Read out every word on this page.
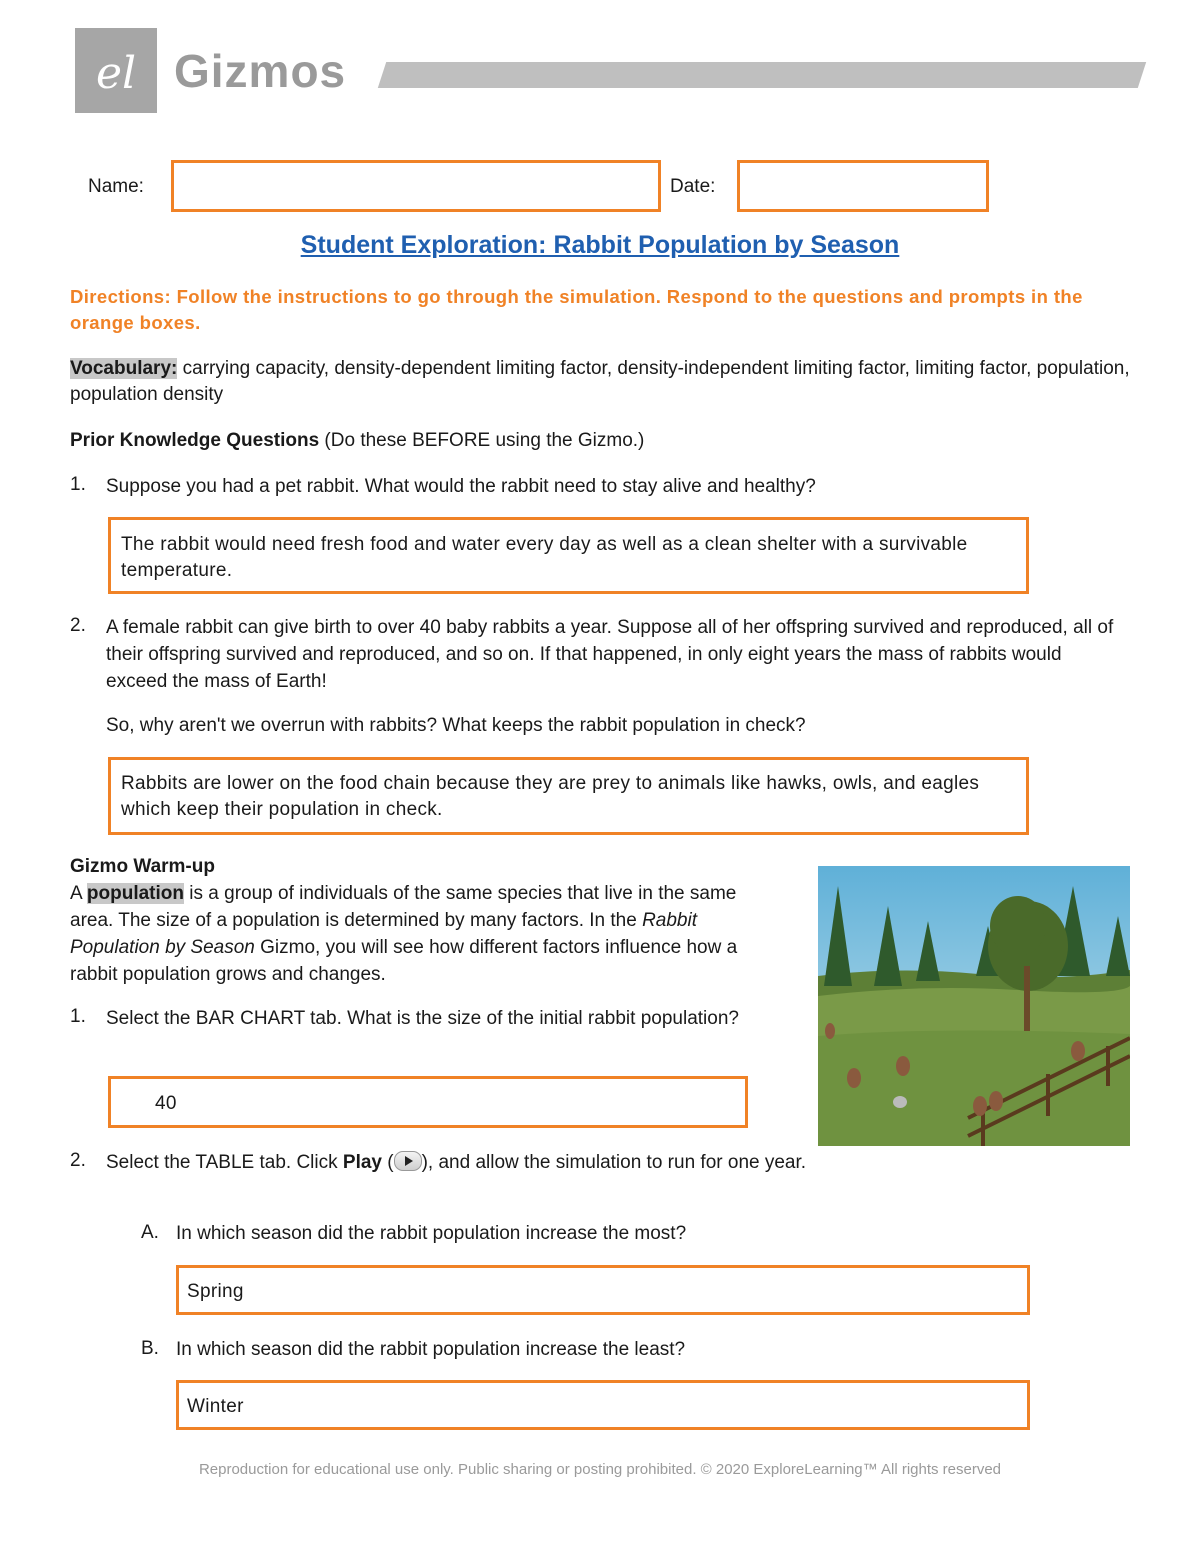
el Gizmos
Name:	Date:
Student Exploration: Rabbit Population by Season
Directions: Follow the instructions to go through the simulation. Respond to the questions and prompts in the orange boxes.
Vocabulary: carrying capacity, density-dependent limiting factor, density-independent limiting factor, limiting factor, population, population density
Prior Knowledge Questions (Do these BEFORE using the Gizmo.)
1. Suppose you had a pet rabbit. What would the rabbit need to stay alive and healthy?
The rabbit would need fresh food and water every day as well as a clean shelter with a survivable temperature.
2. A female rabbit can give birth to over 40 baby rabbits a year. Suppose all of her offspring survived and reproduced, all of their offspring survived and reproduced, and so on. If that happened, in only eight years the mass of rabbits would exceed the mass of Earth!
So, why aren't we overrun with rabbits? What keeps the rabbit population in check?
Rabbits are lower on the food chain because they are prey to animals like hawks, owls, and eagles which keep their population in check.
Gizmo Warm-up
A population is a group of individuals of the same species that live in the same area. The size of a population is determined by many factors. In the Rabbit Population by Season Gizmo, you will see how different factors influence how a rabbit population grows and changes.
1. Select the BAR CHART tab. What is the size of the initial rabbit population?
40
2. Select the TABLE tab. Click Play ( ), and allow the simulation to run for one year.
A. In which season did the rabbit population increase the most?
Spring
B. In which season did the rabbit population increase the least?
Winter
Reproduction for educational use only. Public sharing or posting prohibited. © 2020 ExploreLearning™ All rights reserved
